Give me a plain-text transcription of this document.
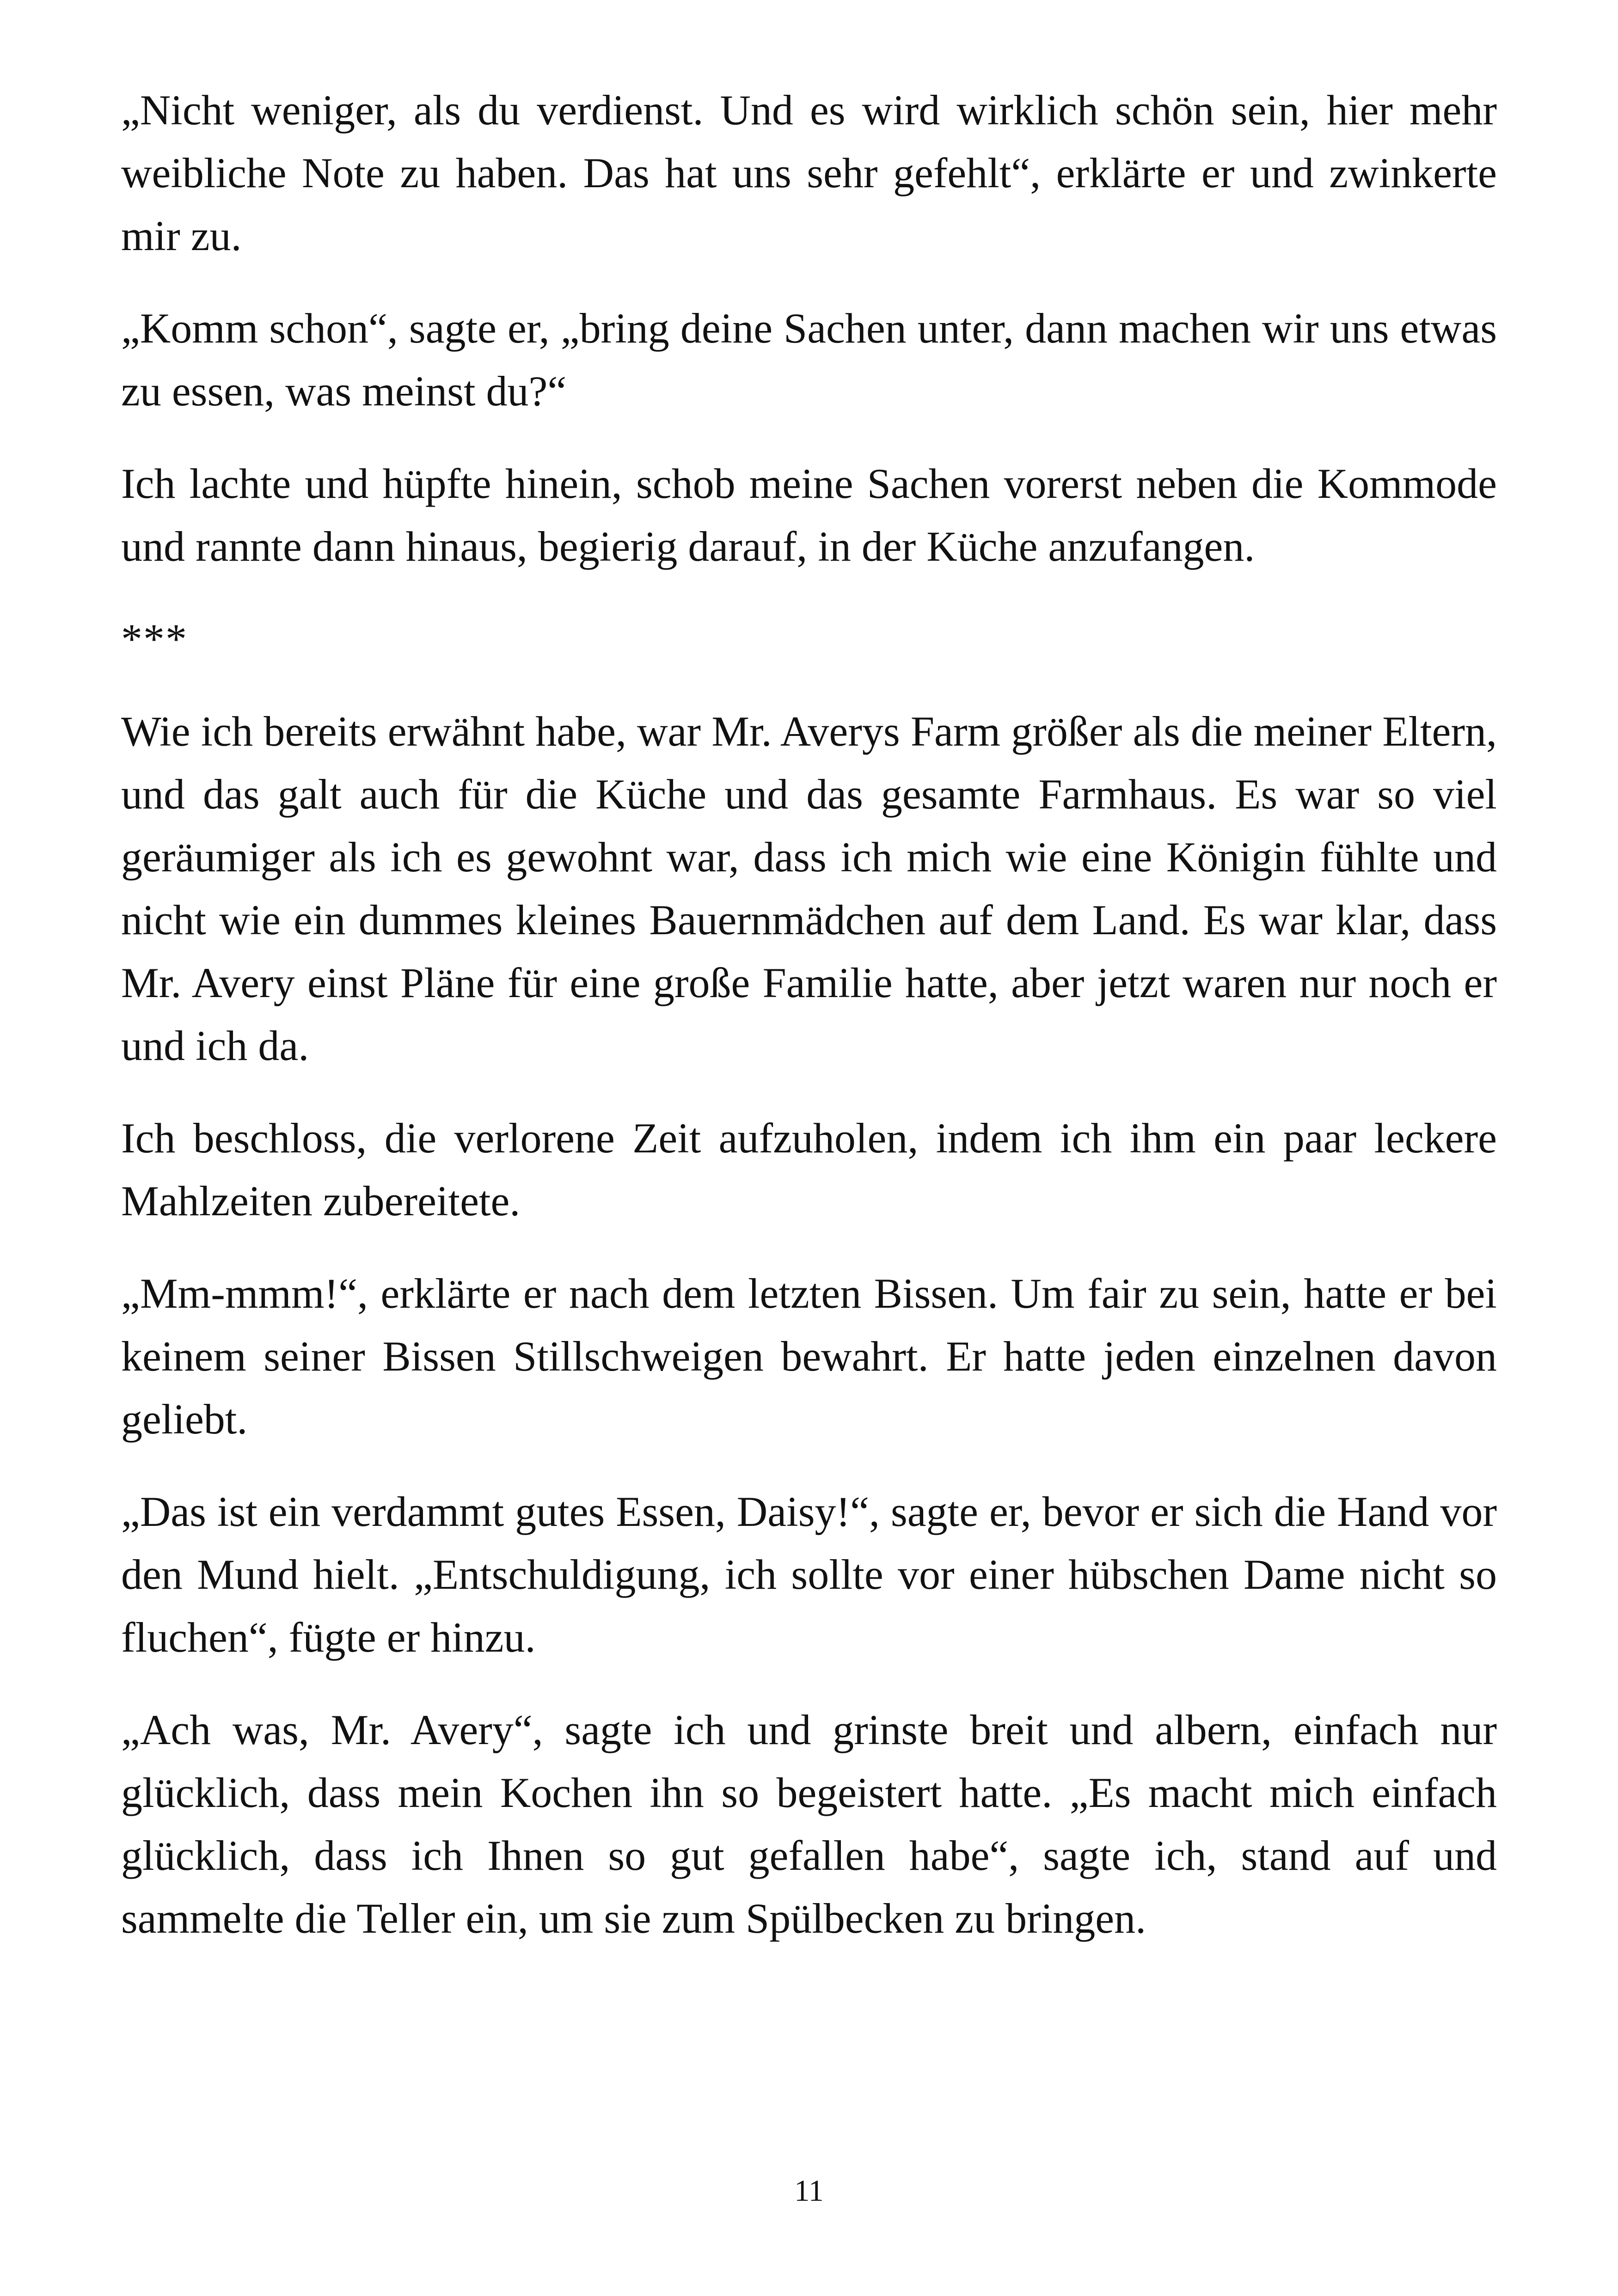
„Nicht weniger, als du verdienst. Und es wird wirklich schön sein, hier mehr weibliche Note zu haben. Das hat uns sehr gefehlt“, erklärte er und zwinkerte mir zu.

„Komm schon“, sagte er, „bring deine Sachen unter, dann machen wir uns etwas zu essen, was meinst du?“

Ich lachte und hüpfte hinein, schob meine Sachen vorerst neben die Kommode und rannte dann hinaus, begierig darauf, in der Küche anzufangen.

***

Wie ich bereits erwähnt habe, war Mr. Averys Farm größer als die meiner Eltern, und das galt auch für die Küche und das gesamte Farmhaus. Es war so viel geräumiger als ich es gewohnt war, dass ich mich wie eine Königin fühlte und nicht wie ein dummes kleines Bauernmädchen auf dem Land. Es war klar, dass Mr. Avery einst Pläne für eine große Familie hatte, aber jetzt waren nur noch er und ich da.

Ich beschloss, die verlorene Zeit aufzuholen, indem ich ihm ein paar leckere Mahlzeiten zubereitete.

„Mm-mmm!“, erklärte er nach dem letzten Bissen. Um fair zu sein, hatte er bei keinem seiner Bissen Stillschweigen bewahrt. Er hatte jeden einzelnen davon geliebt.

„Das ist ein verdammt gutes Essen, Daisy!“, sagte er, bevor er sich die Hand vor den Mund hielt. „Entschuldigung, ich sollte vor einer hübschen Dame nicht so fluchen“, fügte er hinzu.

„Ach was, Mr. Avery“, sagte ich und grinste breit und albern, einfach nur glücklich, dass mein Kochen ihn so begeistert hatte. „Es macht mich einfach glücklich, dass ich Ihnen so gut gefallen habe“, sagte ich, stand auf und sammelte die Teller ein, um sie zum Spülbecken zu bringen.

11
